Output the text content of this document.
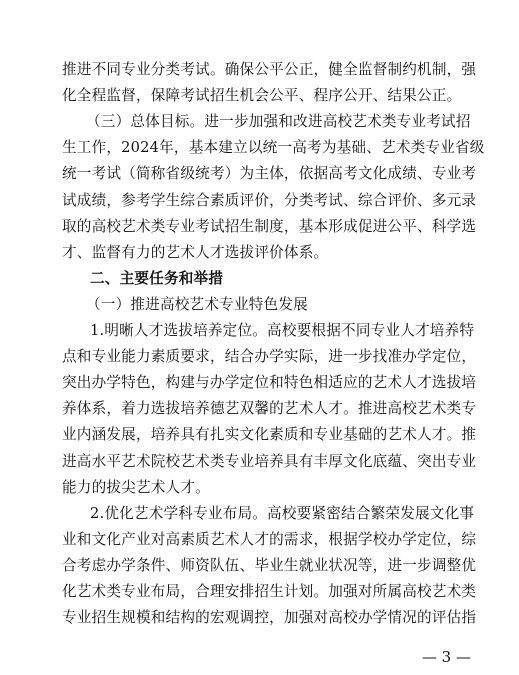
推进不同专业分类考试。确保公平公正，健全监督制约机制，强
化全程监督，保障考试招生机会公平、程序公开、结果公正。
（三）总体目标。进一步加强和改进高校艺术类专业考试招
生工作，2024年，基本建立以统一高考为基础、艺术类专业省级
统一考试（简称省级统考）为主体，依据高考文化成绩、专业考
试成绩，参考学生综合素质评价，分类考试、综合评价、多元录
取的高校艺术类专业考试招生制度，基本形成促进公平、科学选
才、监督有力的艺术人才选拔评价体系。
二、主要任务和举措
（一）推进高校艺术专业特色发展
1.明晰人才选拔培养定位。高校要根据不同专业人才培养特
点和专业能力素质要求，结合办学实际，进一步找准办学定位，
突出办学特色，构建与办学定位和特色相适应的艺术人才选拔培
养体系，着力选拔培养德艺双馨的艺术人才。推进高校艺术类专
业内涵发展，培养具有扎实文化素质和专业基础的艺术人才。推
进高水平艺术院校艺术类专业培养具有丰厚文化底蕴、突出专业
能力的拔尖艺术人才。
2.优化艺术学科专业布局。高校要紧密结合繁荣发展文化事
业和文化产业对高素质艺术人才的需求，根据学校办学定位，综
合考虑办学条件、师资队伍、毕业生就业状况等，进一步调整优
化艺术类专业布局，合理安排招生计划。加强对所属高校艺术类
专业招生规模和结构的宏观调控，加强对高校办学情况的评估指
— 3 —
